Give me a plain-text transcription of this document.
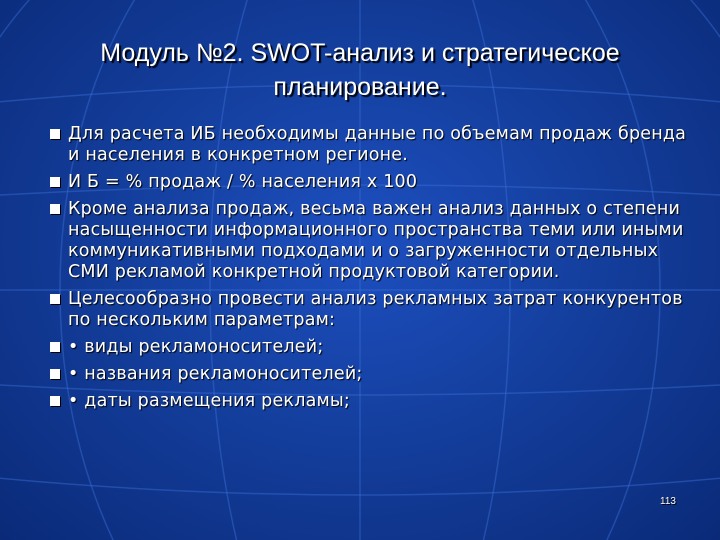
Модуль №2. SWOT-анализ и стратегическое
планирование.
Для расчета ИБ необходимы данные по объемам продаж бренда и населения в конкретном регионе.
И Б = % продаж / % населения х 100
Кроме анализа продаж, весьма важен анализ данных о степени насыщенности информационного пространства теми или иными коммуникативными подходами и о загруженности отдельных СМИ рекламой конкретной продуктовой категории.
Целесообразно провести анализ рекламных затрат конкурентов по нескольким параметрам:
• виды рекламоносителей;
• названия рекламоносителей;
• даты размещения рекламы;
113
